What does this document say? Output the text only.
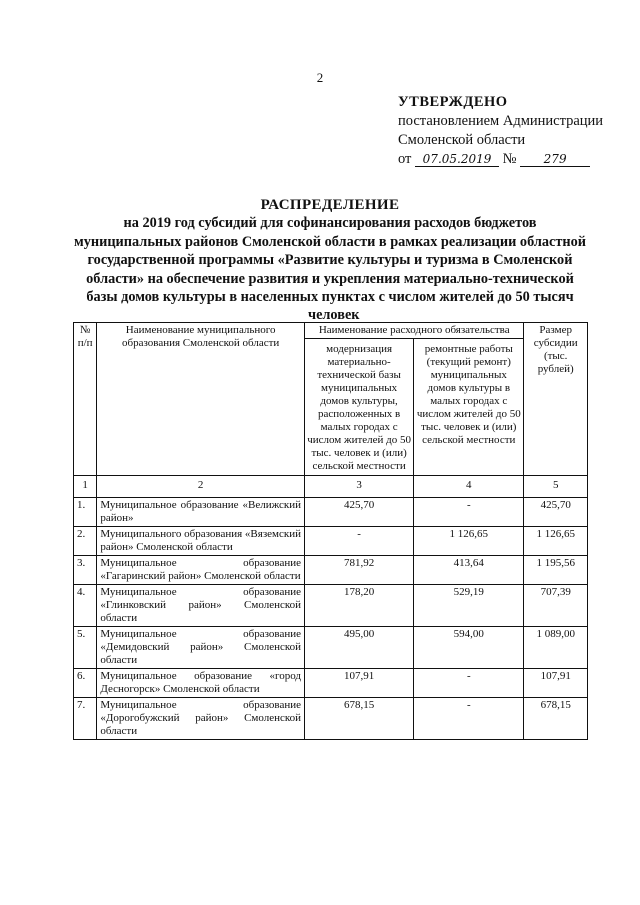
2
УТВЕРЖДЕНО
постановлением Администрации
Смоленской области
от 07.05.2019 № 279
РАСПРЕДЕЛЕНИЕ
на 2019 год субсидий для софинансирования расходов бюджетов муниципальных районов Смоленской области в рамках реализации областной государственной программы «Развитие культуры и туризма в Смоленской области» на обеспечение развития и укрепления материально-технической базы домов культуры в населенных пунктах с числом жителей до 50 тысяч
человек
№ п/п	Наименование муниципального образования Смоленской области	Наименование расходного обязательства		Размер субсидии (тыс. рублей)
		модернизация материально-технической базы муниципальных домов культуры, расположенных в малых городах с числом жителей до 50 тыс. человек и (или) сельской местности	ремонтные работы (текущий ремонт) муниципальных домов культуры в малых городах с числом жителей до 50 тыс. человек и (или) сельской местности	
1	2	3	4	5
1.	Муниципальное образование «Велижский район»	425,70	-	425,70
2.	Муниципального образования «Вяземский район» Смоленской области	-	1 126,65	1 126,65
3.	Муниципальное образование «Гагаринский район» Смоленской области	781,92	413,64	1 195,56
4.	Муниципальное образование «Глинковский район» Смоленской области	178,20	529,19	707,39
5.	Муниципальное образование «Демидовский район» Смоленской области	495,00	594,00	1 089,00
6.	Муниципальное образование «город Десногорск» Смоленской области	107,91	-	107,91
7.	Муниципальное образование «Дорогобужский район» Смоленской области	678,15	-	678,15
